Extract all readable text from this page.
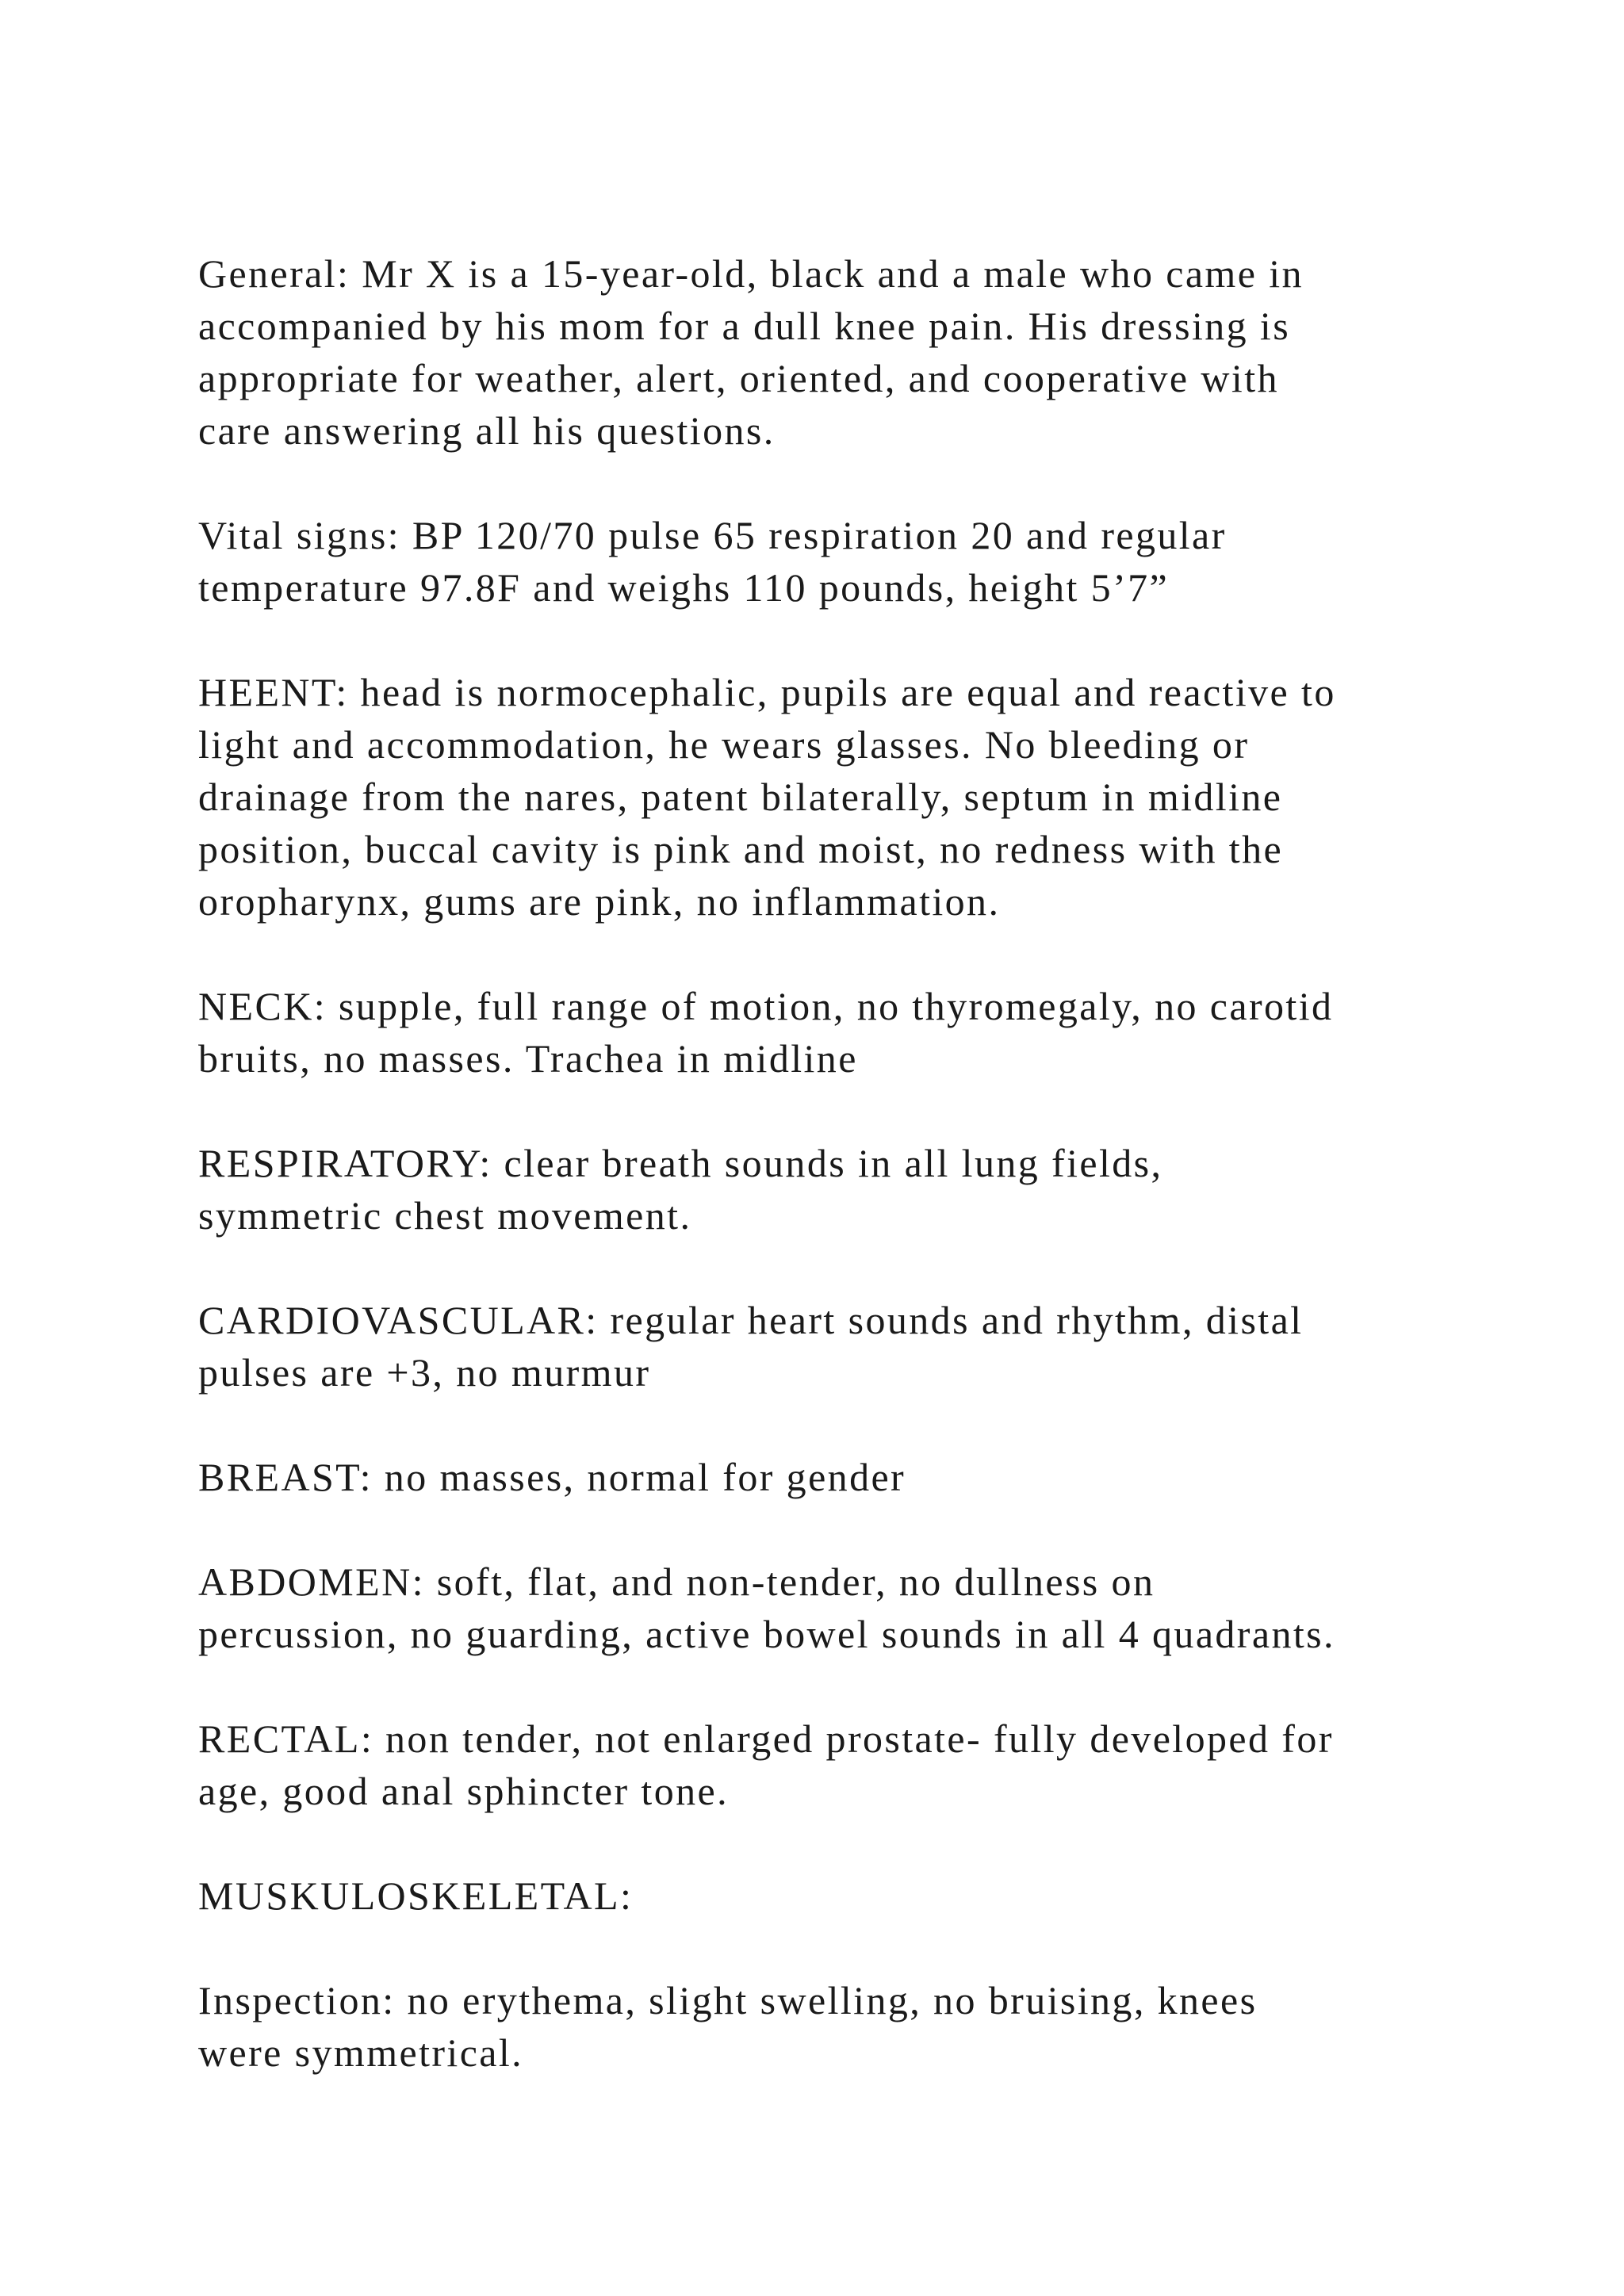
General: Mr X is a 15-year-old, black and a male who came in
accompanied by his mom for a dull knee pain. His dressing is
appropriate for weather, alert, oriented, and cooperative with
care answering all his questions.

Vital signs: BP 120/70 pulse 65 respiration 20 and regular
temperature 97.8F and weighs 110 pounds, height 5’7”

HEENT: head is normocephalic, pupils are equal and reactive to
light and accommodation, he wears glasses. No bleeding or
drainage from the nares, patent bilaterally, septum in midline
position, buccal cavity is pink and moist, no redness with the
oropharynx, gums are pink, no inflammation.

NECK: supple, full range of motion, no thyromegaly, no carotid
bruits, no masses. Trachea in midline

RESPIRATORY: clear breath sounds in all lung fields,
symmetric chest movement.

CARDIOVASCULAR: regular heart sounds and rhythm, distal
pulses are +3, no murmur

BREAST: no masses, normal for gender

ABDOMEN: soft, flat, and non-tender, no dullness on
percussion, no guarding, active bowel sounds in all 4 quadrants.

RECTAL: non tender, not enlarged prostate- fully developed for
age, good anal sphincter tone.

MUSKULOSKELETAL:

Inspection: no erythema, slight swelling, no bruising, knees
were symmetrical.
